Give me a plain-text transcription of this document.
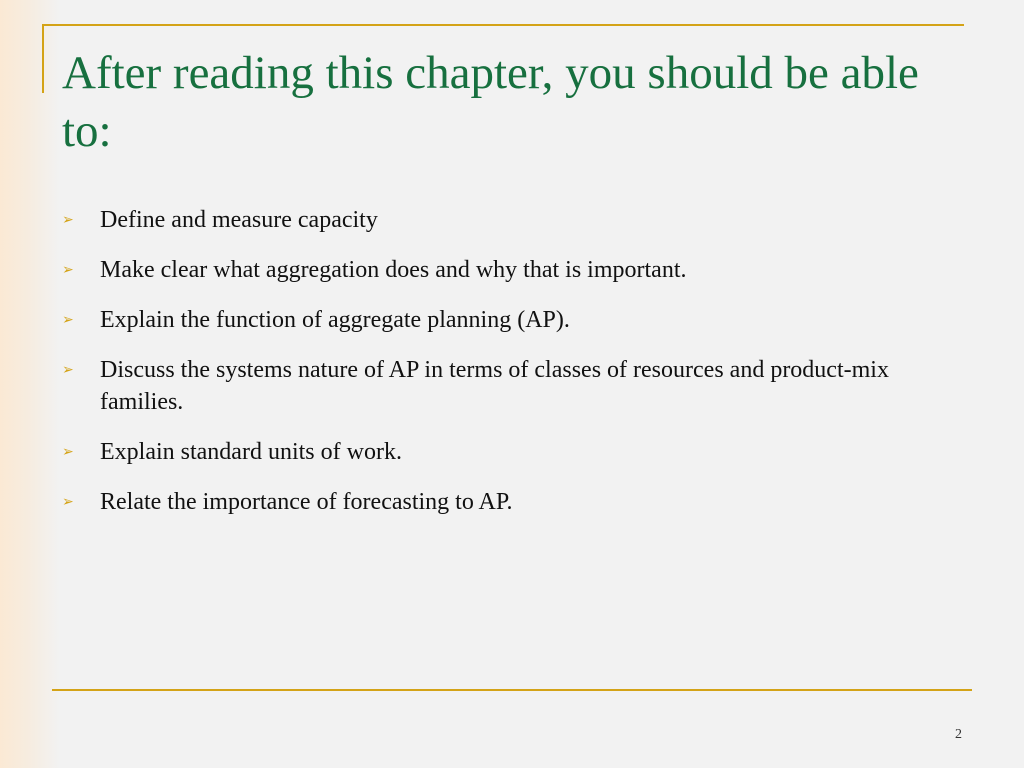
After reading this chapter, you should be able to:
➢	Define and measure capacity
➢	Make clear what aggregation does and why that is important.
➢	Explain the function of aggregate planning (AP).
➢	Discuss the systems nature of AP in terms of classes of resources and product-mix families.
➢	Explain standard units of work.
➢	Relate the importance of forecasting to AP.
2
